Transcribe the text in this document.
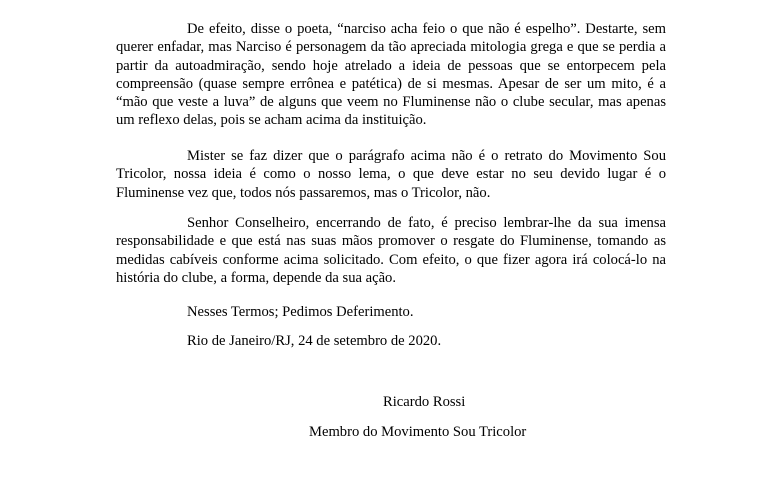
De efeito, disse o poeta, “narciso acha feio o que não é espelho”. Destarte, sem querer enfadar, mas Narciso é personagem da tão apreciada mitologia grega e que se perdia a partir da autoadmiração, sendo hoje atrelado a ideia de pessoas que se entorpecem pela compreensão (quase sempre errônea e patética) de si mesmas. Apesar de ser um mito, é a “mão que veste a luva” de alguns que veem no Fluminense não o clube secular, mas apenas um reflexo delas, pois se acham acima da instituição.

Mister se faz dizer que o parágrafo acima não é o retrato do Movimento Sou Tricolor, nossa ideia é como o nosso lema, o que deve estar no seu devido lugar é o Fluminense vez que, todos nós passaremos, mas o Tricolor, não.

Senhor Conselheiro, encerrando de fato, é preciso lembrar-lhe da sua imensa responsabilidade e que está nas suas mãos promover o resgate do Fluminense, tomando as medidas cabíveis conforme acima solicitado. Com efeito, o que fizer agora irá colocá-lo na história do clube, a forma, depende da sua ação.

Nesses Termos; Pedimos Deferimento.

Rio de Janeiro/RJ, 24 de setembro de 2020.

Ricardo Rossi

Membro do Movimento Sou Tricolor
